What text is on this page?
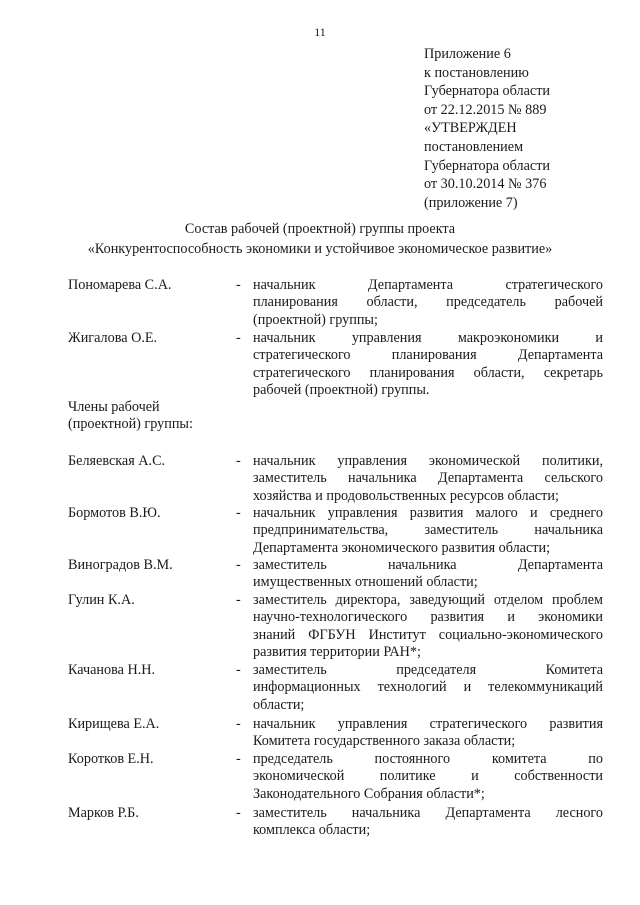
11
Приложение 6
к постановлению
Губернатора области
от 22.12.2015 № 889
«УТВЕРЖДЕН
постановлением
Губернатора области
от 30.10.2014 № 376
(приложение 7)
Состав рабочей (проектной) группы проекта
«Конкурентоспособность экономики и устойчивое экономическое развитие»
Члены рабочей
(проектной) группы:
Пономарева С.А.	- начальник Департамента стратегического
планирования области, председатель рабочей
(проектной) группы;
Жигалова О.Е.	- начальник управления макроэкономики и
стратегического планирования Департамента
стратегического планирования области, секретарь
рабочей (проектной) группы.
Беляевская А.С.	- начальник управления экономической политики,
заместитель начальника Департамента сельского
хозяйства и продовольственных ресурсов области;
Бормотов В.Ю.	- начальник управления развития малого и среднего
предпринимательства, заместитель начальника
Департамента экономического развития области;
Виноградов В.М.	- заместитель начальника Департамента
имущественных отношений области;
Гулин К.А.	- заместитель директора, заведующий отделом проблем
научно-технологического развития и экономики
знаний ФГБУН Институт социально-экономического
развития территории РАН*;
Качанова Н.Н.	- заместитель председателя Комитета
информационных технологий и телекоммуникаций
области;
Кирищева Е.А.	- начальник управления стратегического развития
Комитета государственного заказа области;
Коротков Е.Н.	- председатель постоянного комитета по
экономической политике и собственности
Законодательного Собрания области*;
Марков Р.Б.	- заместитель начальника Департамента лесного
комплекса области;
